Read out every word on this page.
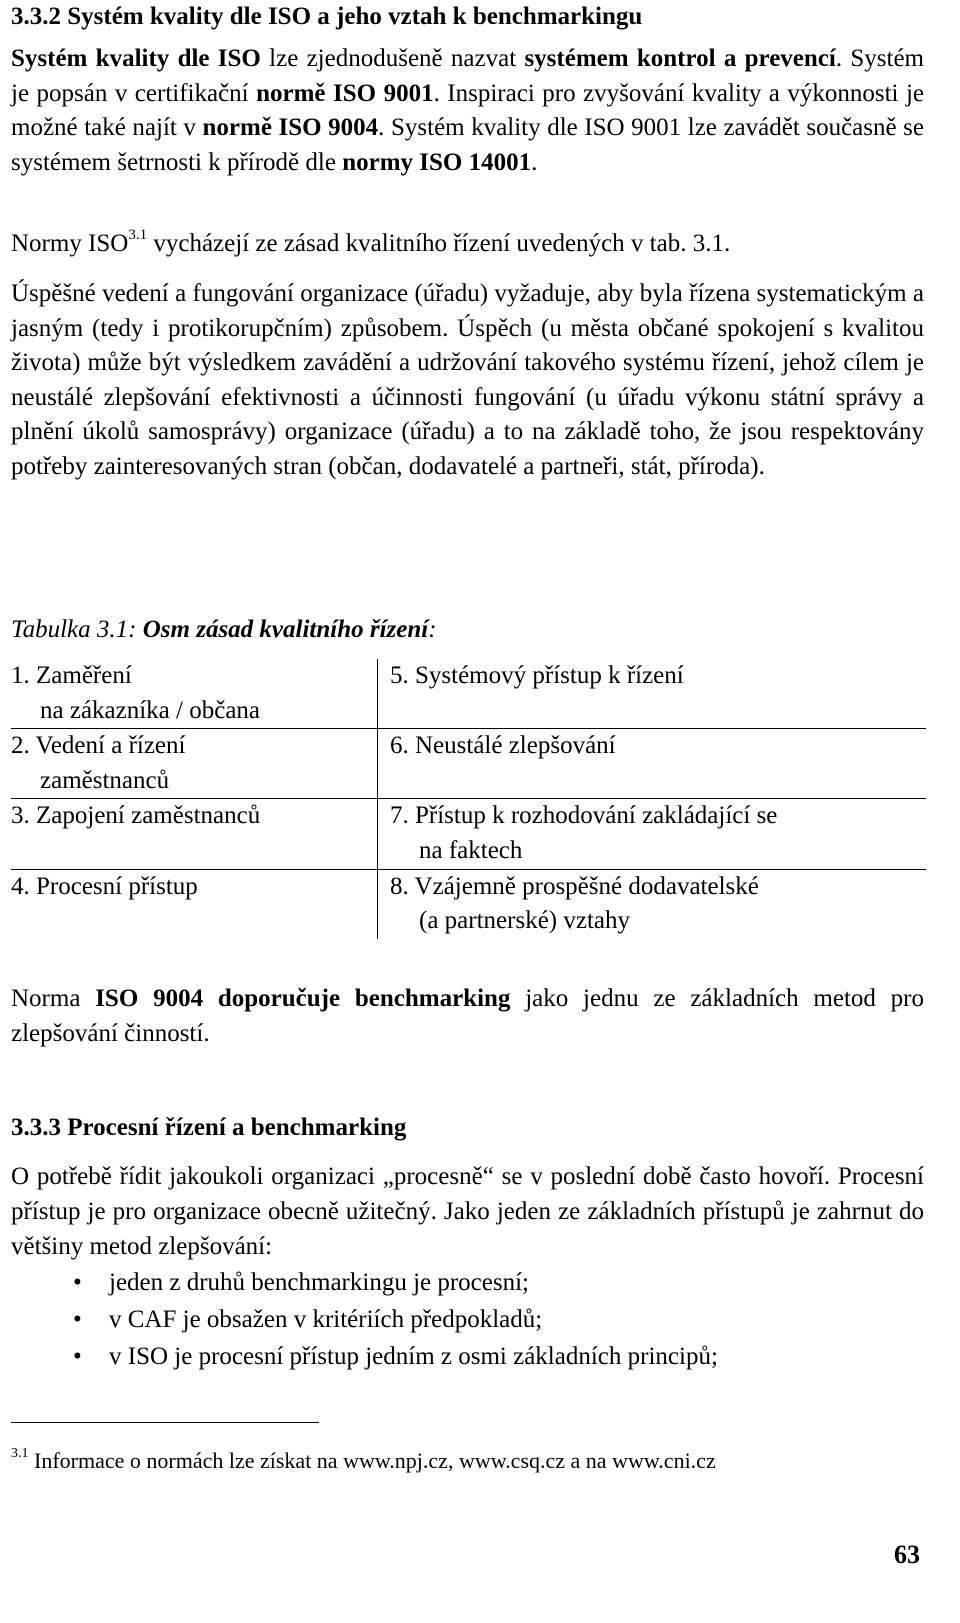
3.3.2 Systém kvality dle ISO a jeho vztah k benchmarkingu

Systém kvality dle ISO lze zjednodušeně nazvat systémem kontrol a prevencí. Systém je popsán v certifikační normě ISO 9001. Inspiraci pro zvyšování kvality a výkonnosti je možné také najít v normě ISO 9004. Systém kvality dle ISO 9001 lze zavádět současně se systémem šetrnosti k přírodě dle normy ISO 14001.

Normy $ISO^{3.1}$ vycházejí ze zásad kvalitního řízení uvedených v tab. 3.1.

Úspěšné vedení a fungování organizace (úřadu) vyžaduje, aby byla řízena systematickým a jasným (tedy i protikorupčním) způsobem. Úspěch (u města občané spokojení s kvalitou života) může být výsledkem zavádění a udržování takového systému řízení, jehož cílem je neustálé zlepšování efektivnosti a účinnosti fungování (u úřadu výkonu státní správy a plnění úkolů samosprávy) organizace (úřadu) a to na základě toho, že jsou respektovány potřeby zainteresovaných stran (občan, dodavatelé a partneři, stát, příroda).

Tabulka 3.1: Osm zásad kvalitního řízení:

1. Zaměření
na zákazníka / občana	5. Systémový přístup k řízení

2. Vedení a řízení
zaměstnanců	6. Neustálé zlepšování

3. Zapojení zaměstnanců	7. Přístup k rozhodování zakládající se
na faktech

4. Procesní přístup	8. Vzájemně prospěšné dodavatelské
(a partnerské) vztahy

Norma ISO 9004 doporučuje benchmarking jako jednu ze základních metod pro zlepšování činností.

3.3.3 Procesní řízení a benchmarking

O potřebě řídit jakoukoli organizaci „procesně“ se v poslední době často hovoří. Procesní přístup je pro organizace obecně užitečný. Jako jeden ze základních přístupů je zahrnut do většiny metod zlepšování:

• jeden z druhů benchmarkingu je procesní;
• v CAF je obsažen v kritériích předpokladů;
• v ISO je procesní přístup jedním z osmi základních principů;

$^{3.1}$ Informace o normách lze získat na www.npj.cz, www.csq.cz a na www.cni.cz

63
